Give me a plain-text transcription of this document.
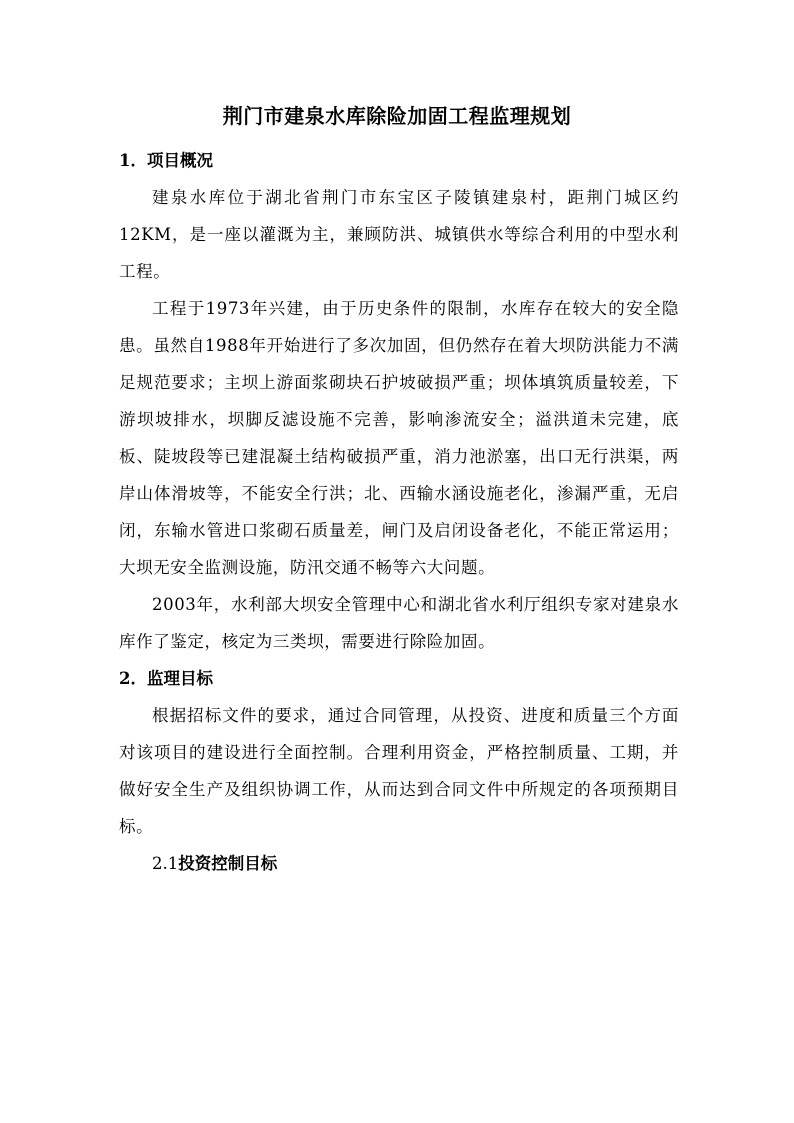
荆门市建泉水库除险加固工程监理规划
1．项目概况

建泉水库位于湖北省荆门市东宝区子陵镇建泉村，距荆门城区约12KM，是一座以灌溉为主，兼顾防洪、城镇供水等综合利用的中型水利工程。

工程于1973年兴建，由于历史条件的限制，水库存在较大的安全隐患。虽然自1988年开始进行了多次加固，但仍然存在着大坝防洪能力不满足规范要求；主坝上游面浆砌块石护坡破损严重；坝体填筑质量较差，下游坝坡排水，坝脚反滤设施不完善，影响渗流安全；溢洪道未完建，底板、陡坡段等已建混凝土结构破损严重，消力池淤塞，出口无行洪渠，两岸山体滑坡等，不能安全行洪；北、西输水涵设施老化，渗漏严重，无启闭，东输水管进口浆砌石质量差，闸门及启闭设备老化，不能正常运用；大坝无安全监测设施，防汛交通不畅等六大问题。

2003年，水利部大坝安全管理中心和湖北省水利厅组织专家对建泉水库作了鉴定，核定为三类坝，需要进行除险加固。

2．监理目标

根据招标文件的要求，通过合同管理，从投资、进度和质量三个方面对该项目的建设进行全面控制。合理利用资金，严格控制质量、工期，并做好安全生产及组织协调工作，从而达到合同文件中所规定的各项预期目标。

2.1投资控制目标
